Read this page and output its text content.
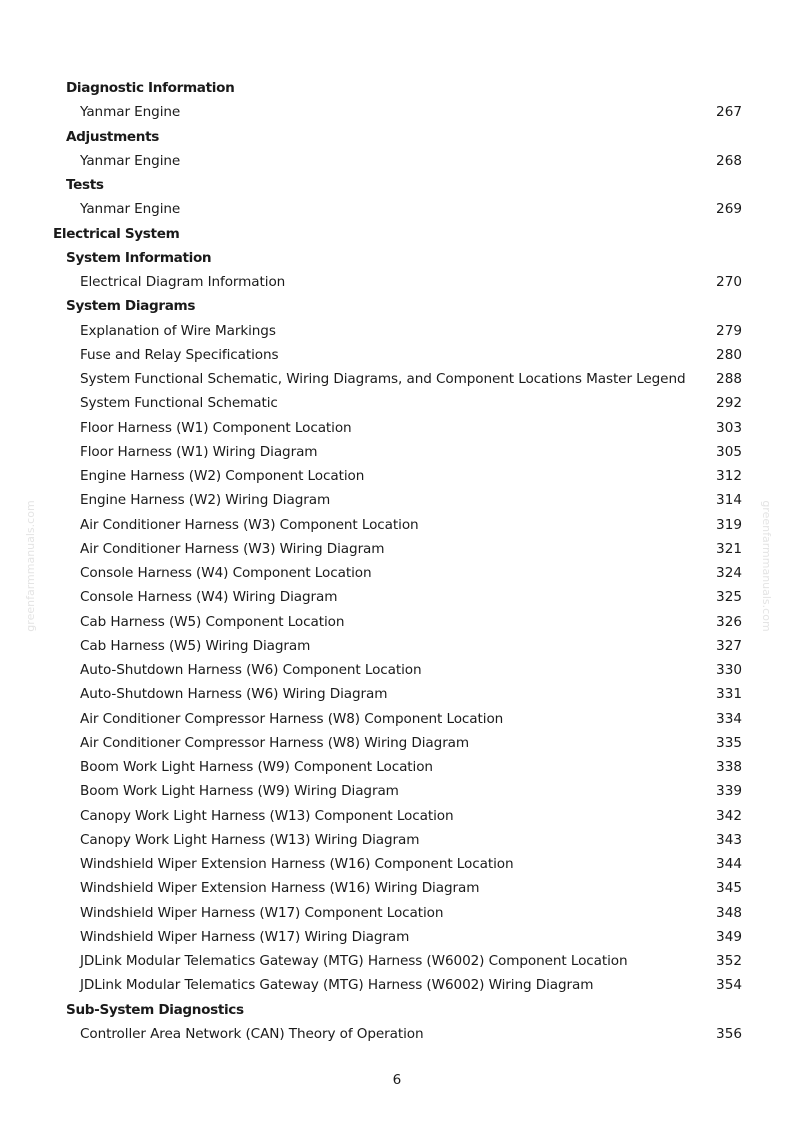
greenfarmmanuals.com	greenfarmmanuals.com
Diagnostic Information
Yanmar Engine	267
Adjustments
Yanmar Engine	268
Tests
Yanmar Engine	269
Electrical System
System Information
Electrical Diagram Information	270
System Diagrams
Explanation of Wire Markings	279
Fuse and Relay Specifications	280
System Functional Schematic, Wiring Diagrams, and Component Locations Master Legend 288
System Functional Schematic	292
Floor Harness (W1) Component Location	303
Floor Harness (W1) Wiring Diagram	305
Engine Harness (W2) Component Location	312
Engine Harness (W2) Wiring Diagram	314
Air Conditioner Harness (W3) Component Location	319
Air Conditioner Harness (W3) Wiring Diagram	321
Console Harness (W4) Component Location	324
Console Harness (W4) Wiring Diagram	325
Cab Harness (W5) Component Location	326
Cab Harness (W5) Wiring Diagram	327
Auto-Shutdown Harness (W6) Component Location	330
Auto-Shutdown Harness (W6) Wiring Diagram	331
Air Conditioner Compressor Harness (W8) Component Location	334
Air Conditioner Compressor Harness (W8) Wiring Diagram	335
Boom Work Light Harness (W9) Component Location	338
Boom Work Light Harness (W9) Wiring Diagram	339
Canopy Work Light Harness (W13) Component Location	342
Canopy Work Light Harness (W13) Wiring Diagram	343
Windshield Wiper Extension Harness (W16) Component Location	344
Windshield Wiper Extension Harness (W16) Wiring Diagram	345
Windshield Wiper Harness (W17) Component Location	348
Windshield Wiper Harness (W17) Wiring Diagram	349
JDLink Modular Telematics Gateway (MTG) Harness (W6002) Component Location	352
JDLink Modular Telematics Gateway (MTG) Harness (W6002) Wiring Diagram	354
Sub-System Diagnostics
Controller Area Network (CAN) Theory of Operation	356
6
